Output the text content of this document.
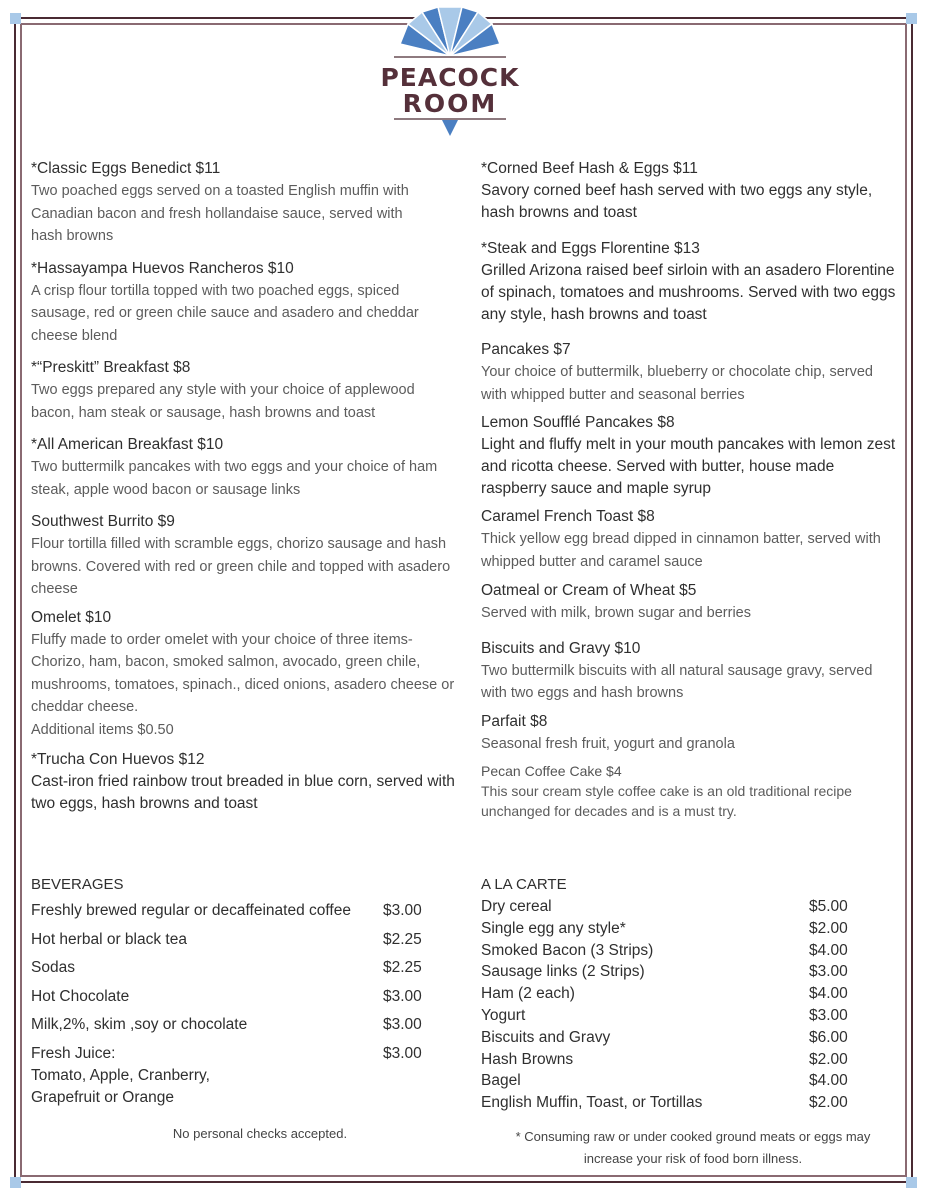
PEACOCK
ROOM
*Classic Eggs Benedict $11
Two poached eggs served on a toasted English muffin with Canadian bacon and fresh hollandaise sauce, served with hash browns
*Hassayampa Huevos Rancheros $10
A crisp flour tortilla topped with two poached eggs, spiced sausage, red or green chile sauce and asadero and cheddar cheese blend
*“Preskitt” Breakfast $8
Two eggs prepared any style with your choice of applewood bacon, ham steak or sausage, hash browns and toast
*All American Breakfast $10
Two buttermilk pancakes with two eggs and your choice of ham steak, apple wood bacon or sausage links
Southwest Burrito $9
Flour tortilla filled with scramble eggs, chorizo sausage and hash browns. Covered with red or green chile and topped with asadero cheese
Omelet $10
Fluffy made to order omelet with your choice of three items- Chorizo, ham, bacon, smoked salmon, avocado, green chile, mushrooms, tomatoes, spinach., diced onions, asadero cheese or cheddar cheese.
Additional items $0.50
*Trucha Con Huevos $12
Cast-iron fried rainbow trout breaded in blue corn, served with two eggs, hash browns and toast
*Corned Beef Hash & Eggs $11
Savory corned beef hash served with two eggs any style, hash browns and toast
*Steak and Eggs Florentine $13
Grilled Arizona raised beef sirloin with an asadero Florentine of spinach, tomatoes and mushrooms. Served with two eggs any style, hash browns and toast
Pancakes $7
Your choice of buttermilk, blueberry or chocolate chip, served with whipped butter and seasonal berries
Lemon Soufflé Pancakes $8
Light and fluffy melt in your mouth pancakes with lemon zest and ricotta cheese. Served with butter, house made raspberry sauce and maple syrup
Caramel French Toast $8
Thick yellow egg bread dipped in cinnamon batter, served with whipped butter and caramel sauce
Oatmeal or Cream of Wheat $5
Served with milk, brown sugar and berries
Biscuits and Gravy $10
Two buttermilk biscuits with all natural sausage gravy, served with two eggs and hash browns
Parfait $8
Seasonal fresh fruit, yogurt and granola
Pecan Coffee Cake $4
This sour cream style coffee cake is an old traditional recipe unchanged for decades and is a must try.
BEVERAGES
Freshly brewed regular or decaffeinated coffee $3.00
Hot herbal or black tea	$2.25
Sodas	$2.25
Hot Chocolate	$3.00
Milk,2%, skim ,soy or chocolate	$3.00
Fresh Juice:
Tomato, Apple, Cranberry,
Grapefruit or Orange
$3.00
No personal checks accepted.
A LA CARTE
Dry cereal	$5.00
Single egg any style*	$2.00
Smoked Bacon (3 Strips)	$4.00
Sausage links (2 Strips)	$3.00
Ham (2 each)	$4.00
Yogurt	$3.00
Biscuits and Gravy	$6.00
Hash Browns	$2.00
Bagel	$4.00
English Muffin, Toast, or Tortillas	$2.00
* Consuming raw or under cooked ground meats or eggs may
increase your risk of food born illness.
